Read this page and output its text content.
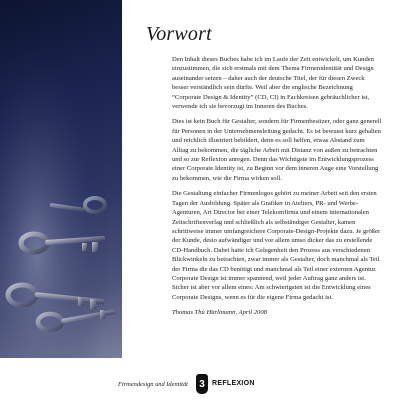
Vorwort

Den Inhalt dieses Buches habe ich im Laufe der Zeit entwickelt, um Kunden einzustimmen, die sich erstmals mit dem Thema Firmenidentität und Design auseinander setzen – daher auch der deutsche Titel, der für diesen Zweck besser verständlich sein dürfte. Weil aber die englische Bezeichnung “Corporate Design & Identity” (CD, CI) in Fachkreisen gebräuchlicher ist, verwende ich sie bevorzugt im Inneren des Buches.

Dies ist kein Buch für Gestalter, sondern für Firmenbesitzer, oder ganz generell für Personen in der Unternehmensleitung gedacht. Es ist bewusst kurz gehalten und reichlich illustriert bebildert, denn es soll helfen, etwas Abstand zum Alltag zu bekommen, die tägliche Arbeit mit Distanz von außen zu betrachten und so zur Reflexion anregen. Denn das Wichtigste im Entwicklungsprozess einer Corporate Identity ist, zu Beginn vor dem inneren Auge eine Vorstellung zu bekommen, wie die Firma wirken soll.

Die Gestaltung einfacher Firmenlogos gehört zu meiner Arbeit seit den ersten Tagen der Ausbildung. Später als Grafiker in Ateliers, PR- und Werbe-Agenturen, Art Director bei einer Telekomfirma und einem internationalen Zeitschriftenverlag und schließlich als selbständiger Gestalter, kamen schrittweise immer umfangreichere Corporate-Design-Projekte dazu. Je größer der Kunde, desto aufwändiger und vor allem umso dicker das zu erstellende CD-Handbuch. Dabei hatte ich Gelegenheit den Prozess aus verschiedenen Blickwinkeln zu betrachten, zwar immer als Gestalter, doch manchmal als Teil der Firma die das CD benötigt und manchmal als Teil einer externen Agentur. Corporate Design ist immer spannend, weil jeder Auftrag ganz anders ist. Sicher ist aber vor allem eines: Am schwierigsten ist die Entwicklung eines Corporate Designs, wenn es für die eigene Firma gedacht ist.

Thomas Thù Hürlimann, April 2008
Firmendesign und Identität	3	REFLEXION
